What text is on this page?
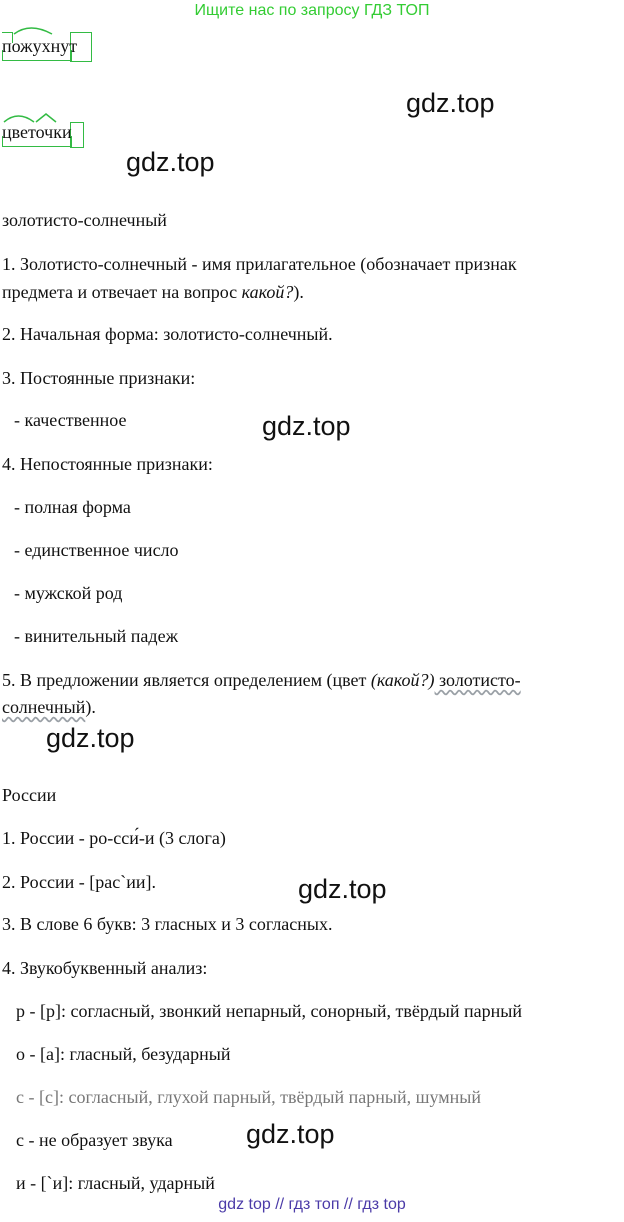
Ищите нас по запросу ГДЗ ТОП
пожухнут
gdz.top
цветочки
gdz.top
золотисто-солнечный
1. Золотисто-солнечный - имя прилагательное (обозначает признак
предмета и отвечает на вопрос какой?).
2. Начальная форма: золотисто-солнечный.
3. Постоянные признаки:
- качественное	gdz.top
4. Непостоянные признаки:
- полная форма
- единственное число
- мужской род
- винительный падеж
5. В предложении является определением (цвет (какой?) золотисто-
солнечный).
gdz.top
России
1. России - ро-сси́-и (3 слога)
2. России - [рас`ии].	gdz.top
3. В слове 6 букв: 3 гласных и 3 согласных.
4. Звукобуквенный анализ:
р - [р]: согласный, звонкий непарный, сонорный, твёрдый парный
о - [а]: гласный, безударный
с - [с]: согласный, глухой парный, твёрдый парный, шумный
с - не образует звука	gdz.top
и - [`и]: гласный, ударный
gdz top // гдз топ // гдз top
